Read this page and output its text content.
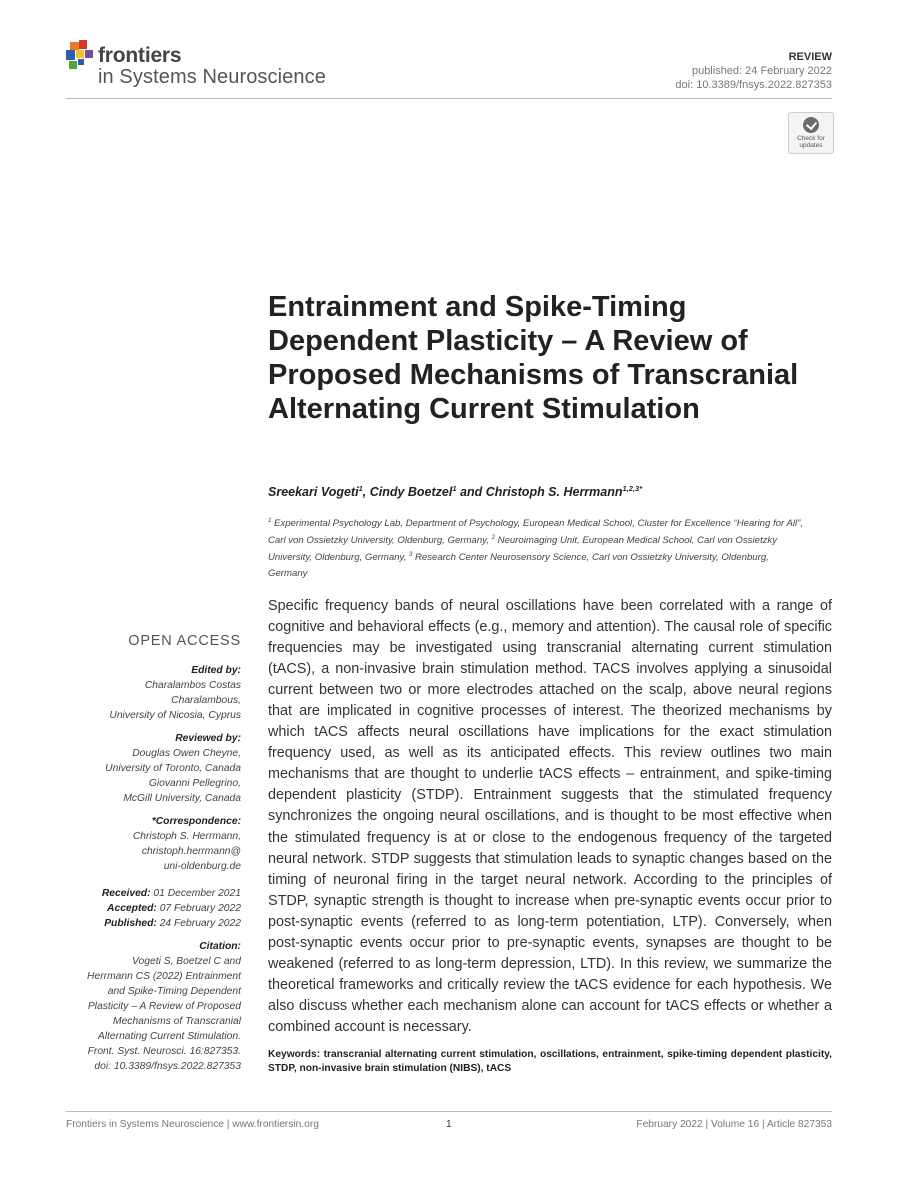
frontiers
in Systems Neuroscience
REVIEW
published: 24 February 2022
doi: 10.3389/fnsys.2022.827353
Check for updates
Entrainment and Spike-Timing Dependent Plasticity – A Review of Proposed Mechanisms of Transcranial Alternating Current Stimulation
Sreekari Vogeti$^1$, Cindy Boetzel$^1$ and Christoph S. Herrmann$^{1,2,3*}$
$^1$ Experimental Psychology Lab, Department of Psychology, European Medical School, Cluster for Excellence “Hearing for All”, Carl von Ossietzky University, Oldenburg, Germany, $^2$ Neuroimaging Unit, European Medical School, Carl von Ossietzky University, Oldenburg, Germany, $^3$ Research Center Neurosensory Science, Carl von Ossietzky University, Oldenburg, Germany
OPEN ACCESS
Edited by:
Charalambos Costas
Charalambous,
University of Nicosia, Cyprus
Reviewed by:
Douglas Owen Cheyne,
University of Toronto, Canada
Giovanni Pellegrino,
McGill University, Canada
*Correspondence:
Christoph S. Herrmann,
christoph.herrmann@
uni-oldenburg.de
Received: 01 December 2021
Accepted: 07 February 2022
Published: 24 February 2022
Citation:
Vogeti S, Boetzel C and
Herrmann CS (2022) Entrainment
and Spike-Timing Dependent
Plasticity – A Review of Proposed
Mechanisms of Transcranial
Alternating Current Stimulation.
Front. Syst. Neurosci. 16:827353.
doi: 10.3389/fnsys.2022.827353

Specific frequency bands of neural oscillations have been correlated with a range of cognitive and behavioral effects (e.g., memory and attention). The causal role of specific frequencies may be investigated using transcranial alternating current stimulation (tACS), a non-invasive brain stimulation method. TACS involves applying a sinusoidal current between two or more electrodes attached on the scalp, above neural regions that are implicated in cognitive processes of interest. The theorized mechanisms by which tACS affects neural oscillations have implications for the exact stimulation frequency used, as well as its anticipated effects. This review outlines two main mechanisms that are thought to underlie tACS effects – entrainment, and spike-timing dependent plasticity (STDP). Entrainment suggests that the stimulated frequency synchronizes the ongoing neural oscillations, and is thought to be most effective when the stimulated frequency is at or close to the endogenous frequency of the targeted neural network. STDP suggests that stimulation leads to synaptic changes based on the timing of neuronal firing in the target neural network. According to the principles of STDP, synaptic strength is thought to increase when pre-synaptic events occur prior to post-synaptic events (referred to as long-term potentiation, LTP). Conversely, when post-synaptic events occur prior to pre-synaptic events, synapses are thought to be weakened (referred to as long-term depression, LTD). In this review, we summarize the theoretical frameworks and critically review the tACS evidence for each hypothesis. We also discuss whether each mechanism alone can account for tACS effects or whether a combined account is necessary.

Keywords: transcranial alternating current stimulation, oscillations, entrainment, spike-timing dependent plasticity, STDP, non-invasive brain stimulation (NIBS), tACS
Frontiers in Systems Neuroscience | www.frontiersin.org	1	February 2022 | Volume 16 | Article 827353
